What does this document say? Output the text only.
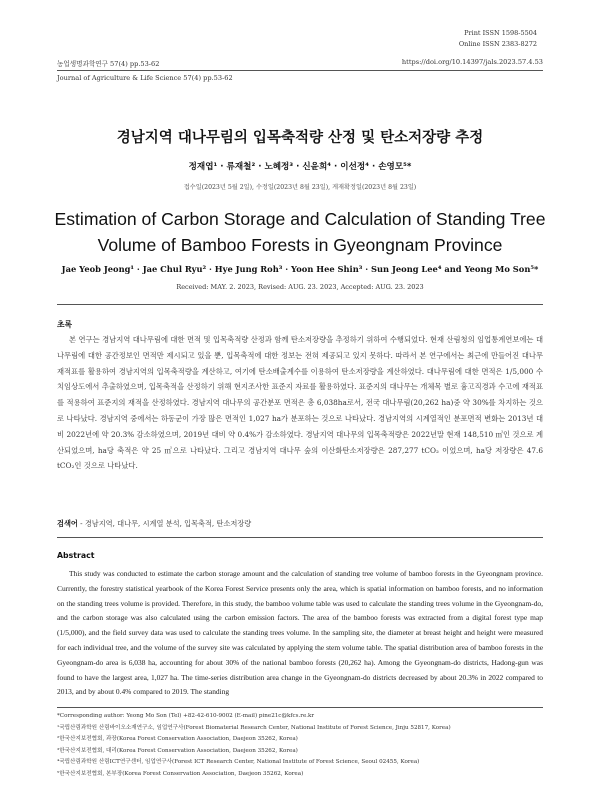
Print ISSN 1598-5504
Online ISSN 2383-8272
농업생명과학연구 57(4) pp.53-62	https://doi.org/10.14397/jals.2023.57.4.53
Journal of Agriculture & Life Science 57(4) pp.53-62
경남지역 대나무림의 입목축적량 산정 및 탄소저장량 추정
정재엽¹ · 류재철² · 노혜정³ · 신윤희⁴ · 이선정⁴ · 손영모⁵*
접수일(2023년 5월 2일), 수정일(2023년 8월 23일), 게재확정일(2023년 8월 23일)
Estimation of Carbon Storage and Calculation of Standing Tree
Volume of Bamboo Forests in Gyeongnam Province
Jae Yeob Jeong¹ · Jae Chul Ryu² · Hye Jung Roh³ · Yoon Hee Shin³ · Sun Jeong Lee⁴ and Yeong Mo Son⁵*
Received: MAY. 2. 2023, Revised: AUG. 23. 2023, Accepted: AUG. 23. 2023
초록
본 연구는 경남지역 대나무림에 대한 면적 및 입목축적량 산정과 함께 탄소저장량을 추정하기 위하여 수행되었다. 현재 산림청의 임업통계연보에는 대나무림에 대한 공간정보인 면적만 제시되고 있을 뿐, 입목축적에 대한 정보는 전혀 제공되고 있지 못하다. 따라서 본 연구에서는 최근에 만들어진 대나무 재적표를 활용하여 경남지역의 입목축적량을 계산하고, 여기에 탄소배출계수를 이용하여 탄소저장량을 계산하였다. 대나무림에 대한 면적은 1/5,000 수치임상도에서 추출하였으며, 입목축적을 산정하기 위해 현지조사한 표준지 자료를 활용하였다. 표준지의 대나무는 개체목 별로 흉고직경과 수고에 재적표를 적용하여 표준지의 재적을 산정하였다. 경남지역 대나무의 공간분포 면적은 총 6,038ha로서, 전국 대나무림(20,262 ha)중 약 30%를 차지하는 것으로 나타났다. 경남지역 중에서는 하동군이 가장 많은 면적인 1,027 ha가 분포하는 것으로 나타났다. 경남지역의 시계열적인 분포면적 변화는 2013년 대비 2022년에 약 20.3% 감소하였으며, 2019년 대비 약 0.4%가 감소하였다. 경남지역 대나무의 입목축적량은 2022년말 현재 148,510 ㎥인 것으로 계산되었으며, ha당 축적은 약 25 ㎥으로 나타났다. 그리고 경남지역 대나무 숲의 이산화탄소저장량은 287,277 tCO₂ 이었으며, ha당 저장량은 47.6 tCO₂인 것으로 나타났다.
검색어 - 경남지역, 대나무, 시계열 분석, 입목축적, 탄소저장량
Abstract
This study was conducted to estimate the carbon storage amount and the calculation of standing tree volume of bamboo forests in the Gyeongnam province. Currently, the forestry statistical yearbook of the Korea Forest Service presents only the area, which is spatial information on bamboo forests, and no information on the standing trees volume is provided. Therefore, in this study, the bamboo volume table was used to calculate the standing trees volume in the Gyeongnam-do, and the carbon storage was also calculated using the carbon emission factors. The area of the bamboo forests was extracted from a digital forest type map (1/5,000), and the field survey data was used to calculate the standing trees volume. In the sampling site, the diameter at breast height and height were measured for each individual tree, and the volume of the survey site was calculated by applying the stem volume table. The spatial distribution area of bamboo forests in the Gyeongnam-do area is 6,038 ha, accounting for about 30% of the national bamboo forests (20,262 ha). Among the Gyeongnam-do districts, Hadong-gun was found to have the largest area, 1,027 ha. The time-series distribution area change in the Gyeongnam-do districts decreased by about 20.3% in 2022 compared to 2013, and by about 0.4% compared to 2019. The standing
*Corresponding author: Yeong Mo Son (Tel) +82-42-610-9002 (E-mail) pine21c@kfcs.re.kr
¹국립산림과학원 산림바이오소재연구소, 임업연구사(Forest Biomaterial Research Center, National Institute of Forest Science, Jinju 52817, Korea)
²한국산지보전협회, 과장(Korea Forest Conservation Association, Daejeon 35262, Korea)
³한국산지보전협회, 대리(Korea Forest Conservation Association, Daejeon 35262, Korea)
⁴국립산림과학원 산림ICT연구센터, 임업연구사(Forest ICT Research Center, National Institute of Forest Science, Seoul 02455, Korea)
⁵한국산지보전협회, 본부장(Korea Forest Conservation Association, Daejeon 35262, Korea)
